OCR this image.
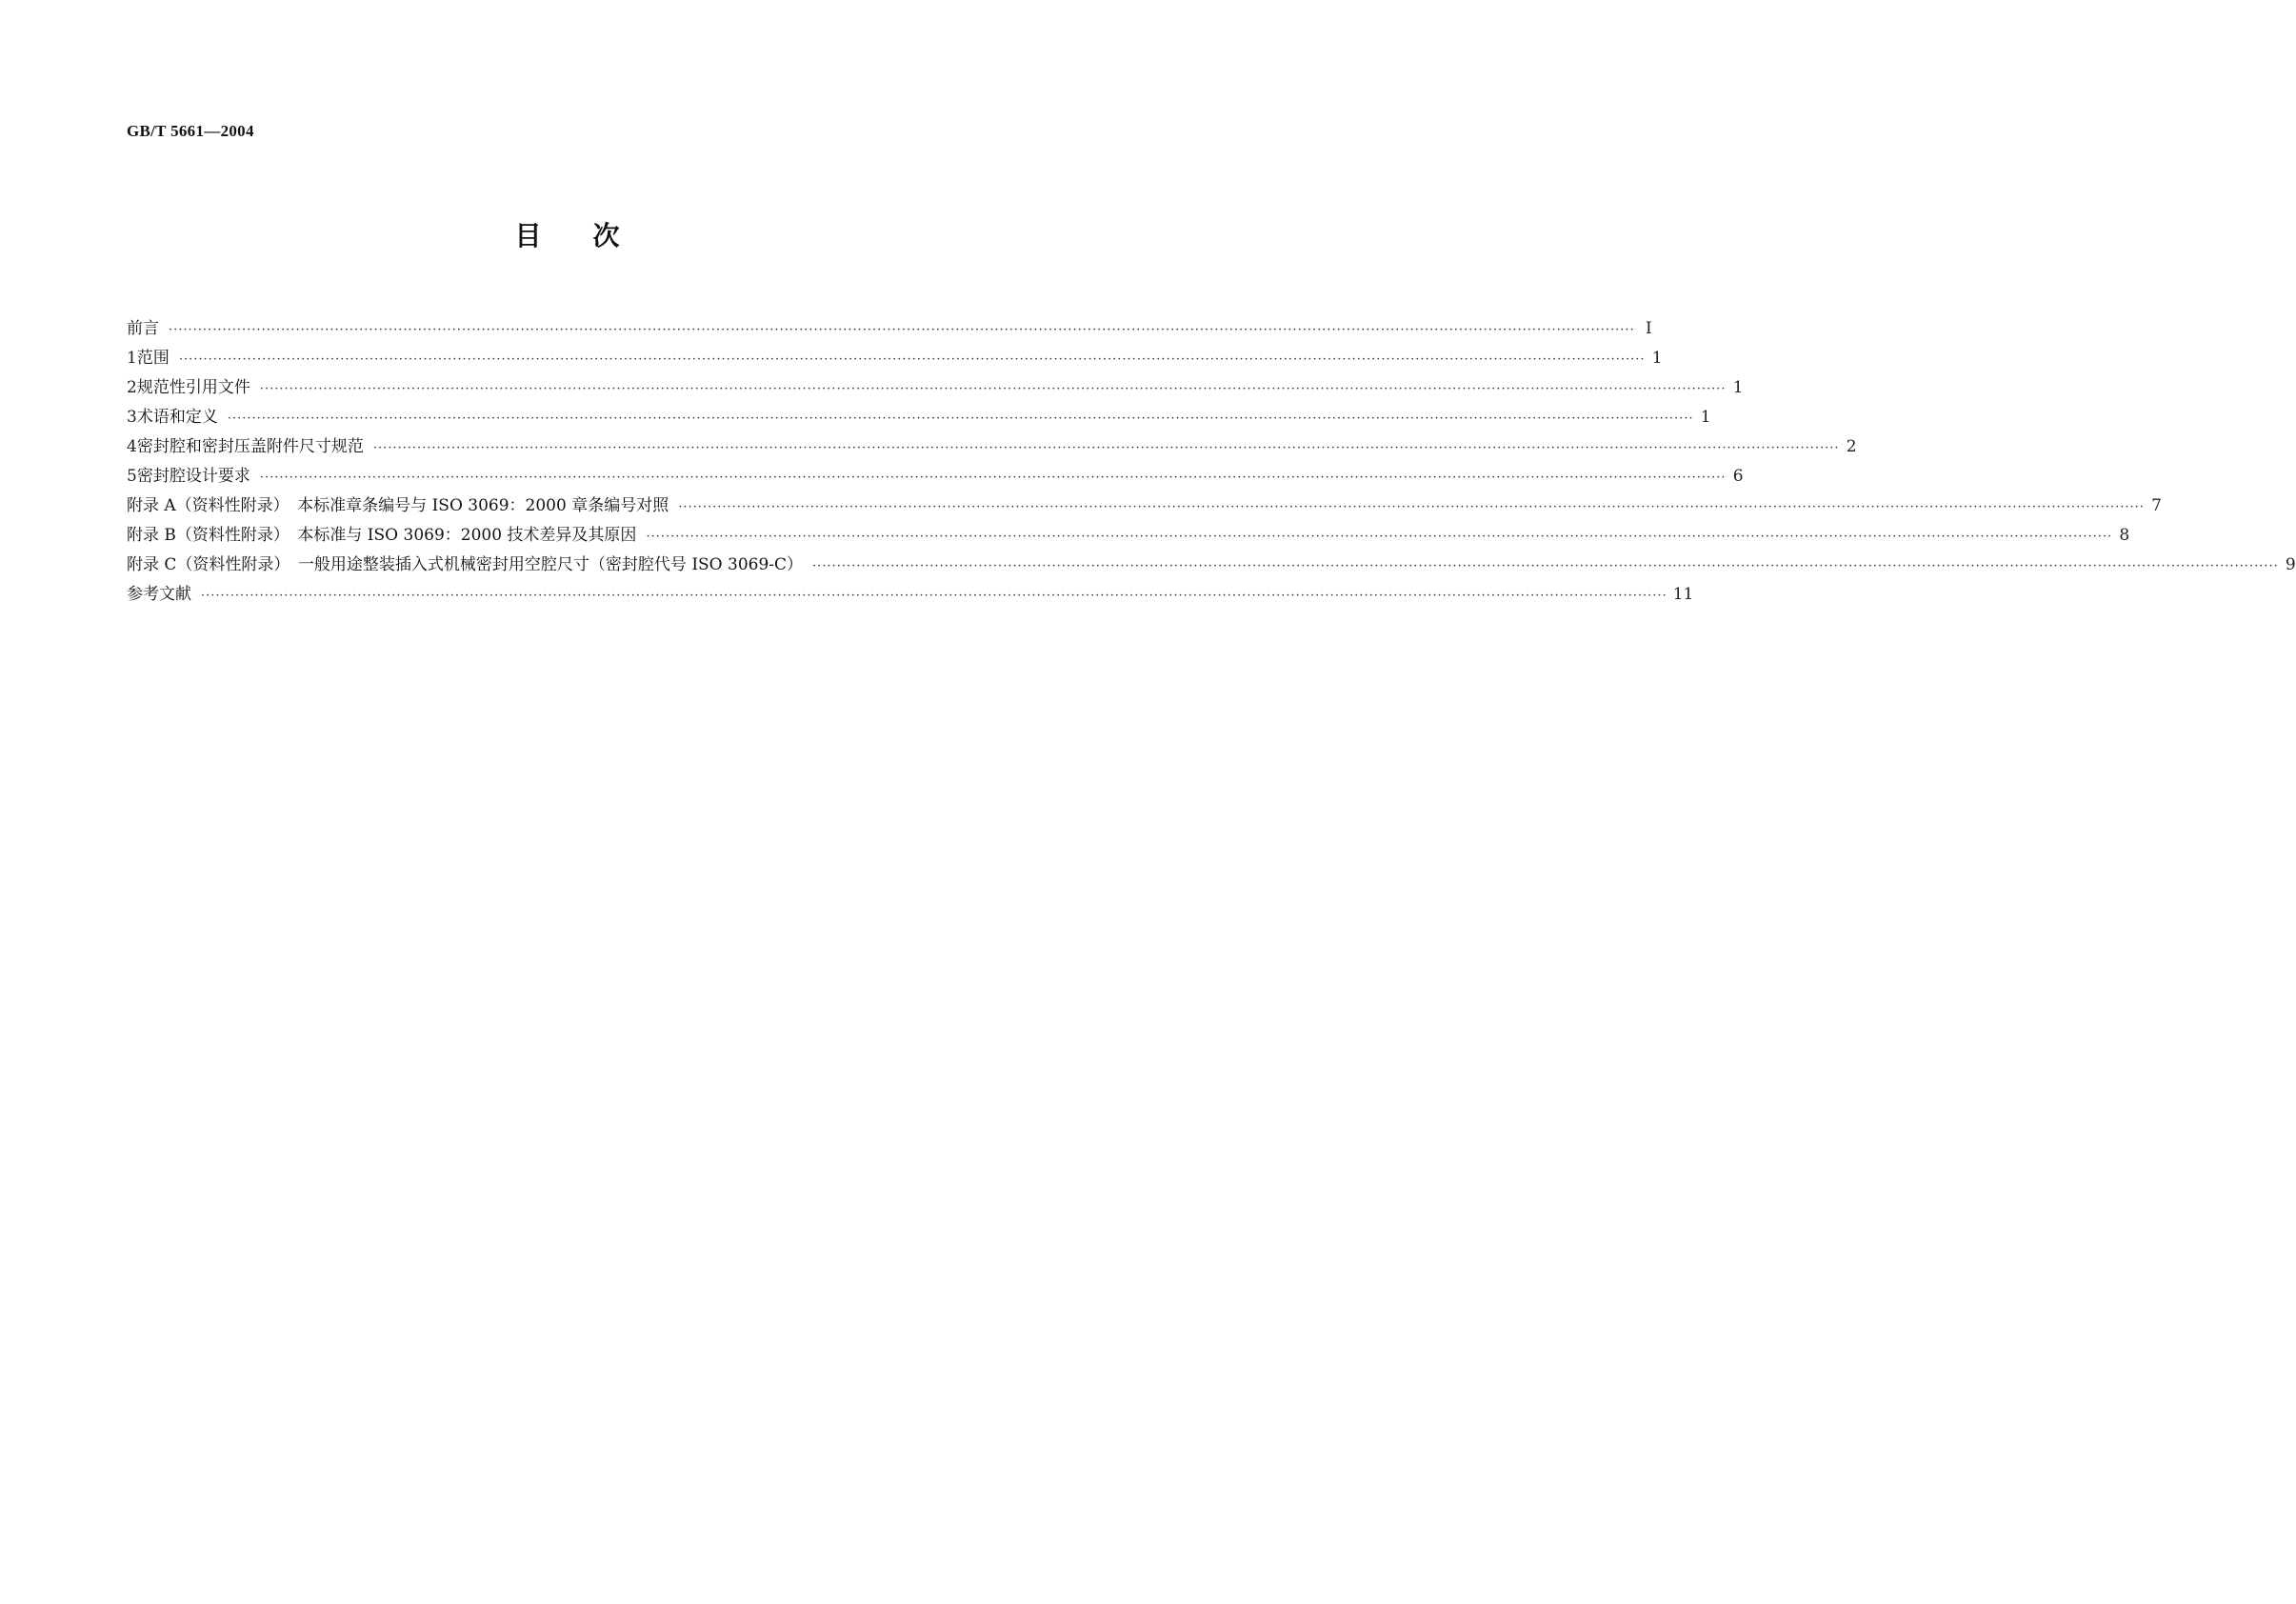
GB/T 5661—2004
目 次
前言 ············································································································································································································································································································ I
1 范围 ············································································································································································································································································································ 1
2 规范性引用文件 ············································································································································································································································································································ 1
3 术语和定义 ············································································································································································································································································································ 1
4 密封腔和密封压盖附件尺寸规范 ············································································································································································································································································································ 2
5 密封腔设计要求 ············································································································································································································································································································ 6
附录 A（资料性附录）　本标准章条编号与 ISO 3069：2000 章条编号对照 ············································································································································································································································································································ 7
附录 B（资料性附录）　本标准与 ISO 3069：2000 技术差异及其原因 ············································································································································································································································································································ 8
附录 C（资料性附录）　一般用途整装插入式机械密封用空腔尺寸（密封腔代号 ISO 3069-C） ············································································································································································································································································································ 9
参考文献 ············································································································································································································································································································ 11
